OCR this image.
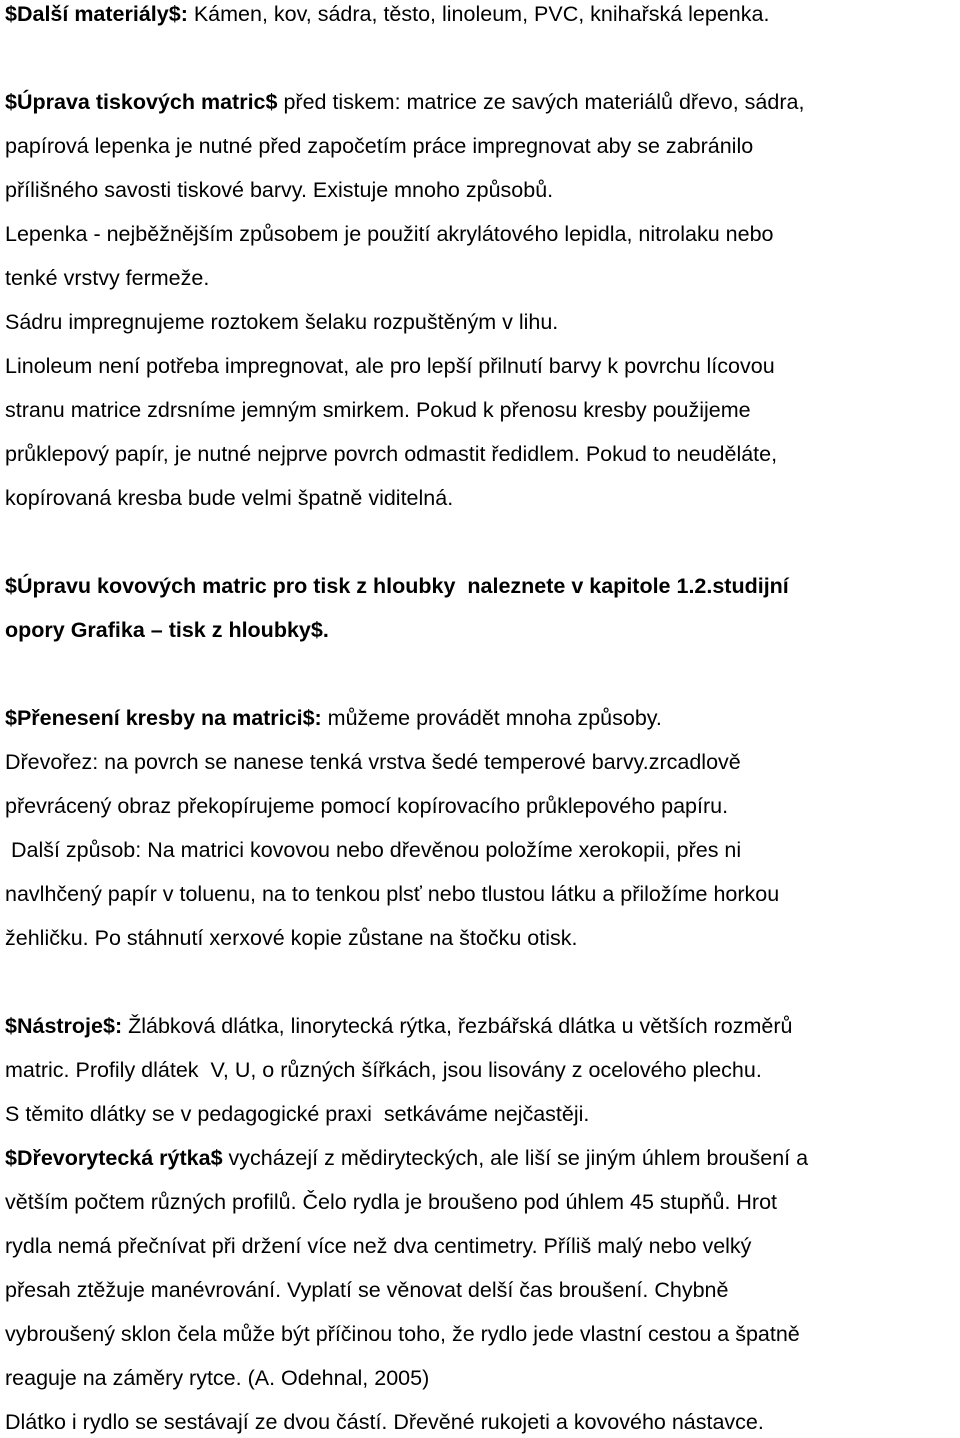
$Další materiály$: Kámen, kov, sádra, těsto, linoleum, PVC, knihařská lepenka.
$Úprava tiskových matric$ před tiskem: matrice ze savých materiálů dřevo, sádra,
papírová lepenka je nutné před započetím práce impregnovat aby se zabránilo
přílišného savosti tiskové barvy. Existuje mnoho způsobů.
Lepenka - nejběžnějším způsobem je použití akrylátového lepidla, nitrolaku nebo
tenké vrstvy fermeže.
Sádru impregnujeme roztokem šelaku rozpuštěným v lihu.
Linoleum není potřeba impregnovat, ale pro lepší přilnutí barvy k povrchu lícovou
stranu matrice zdrsníme jemným smirkem. Pokud k přenosu kresby použijeme
průklepový papír, je nutné nejprve povrch odmastit ředidlem. Pokud to neuděláte,
kopírovaná kresba bude velmi špatně viditelná.
$Úpravu kovových matric pro tisk z hloubky  naleznete v kapitole 1.2.studijní
opory Grafika – tisk z hloubky$.
$Přenesení kresby na matrici$: můžeme provádět mnoha způsoby.
Dřevořez: na povrch se nanese tenká vrstva šedé temperové barvy.zrcadlově
převrácený obraz překopírujeme pomocí kopírovacího průklepového papíru.
Další způsob: Na matrici kovovou nebo dřevěnou položíme xerokopii, přes ni
navlhčený papír v toluenu, na to tenkou plsť nebo tlustou látku a přiložíme horkou
žehličku. Po stáhnutí xerxové kopie zůstane na štočku otisk.
$Nástroje$: Žlábková dlátka, linorytecká rýtka, řezbářská dlátka u větších rozměrů
matric. Profily dlátek  V, U, o různých šířkách, jsou lisovány z ocelového plechu.
S těmito dlátky se v pedagogické praxi  setkáváme nejčastěji.
$Dřevorytecká rýtka$ vycházejí z mědiryteckých, ale liší se jiným úhlem broušení a
větším počtem různých profilů. Čelo rydla je broušeno pod úhlem 45 stupňů. Hrot
rydla nemá přečnívat při držení více než dva centimetry. Příliš malý nebo velký
přesah ztěžuje manévrování. Vyplatí se věnovat delší čas broušení. Chybně
vybroušený sklon čela může být příčinou toho, že rydlo jede vlastní cestou a špatně
reaguje na záměry rytce. (A. Odehnal, 2005)
Dlátko i rydlo se sestávají ze dvou částí. Dřevěné rukojeti a kovového nástavce.
